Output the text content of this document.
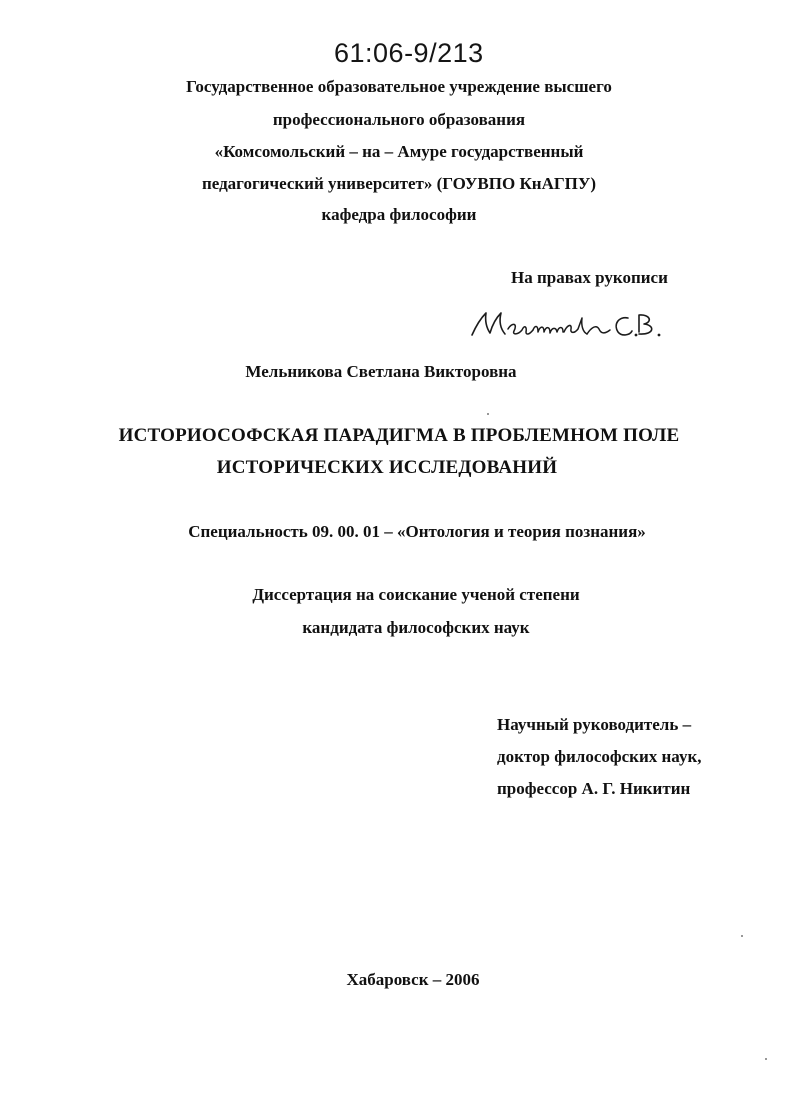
61:06-9/213
Государственное образовательное учреждение высшего
профессионального образования
«Комсомольский – на – Амуре государственный
педагогический университет» (ГОУВПО КнАГПУ)
кафедра философии
На правах рукописи
Мельникова Светлана Викторовна
ИСТОРИОСОФСКАЯ ПАРАДИГМА В ПРОБЛЕМНОМ ПОЛЕ
ИСТОРИЧЕСКИХ ИССЛЕДОВАНИЙ
Специальность 09. 00. 01 – «Онтология и теория познания»
Диссертация на соискание ученой степени
кандидата философских наук
Научный руководитель –
доктор философских наук,
профессор А. Г. Никитин
Хабаровск – 2006
